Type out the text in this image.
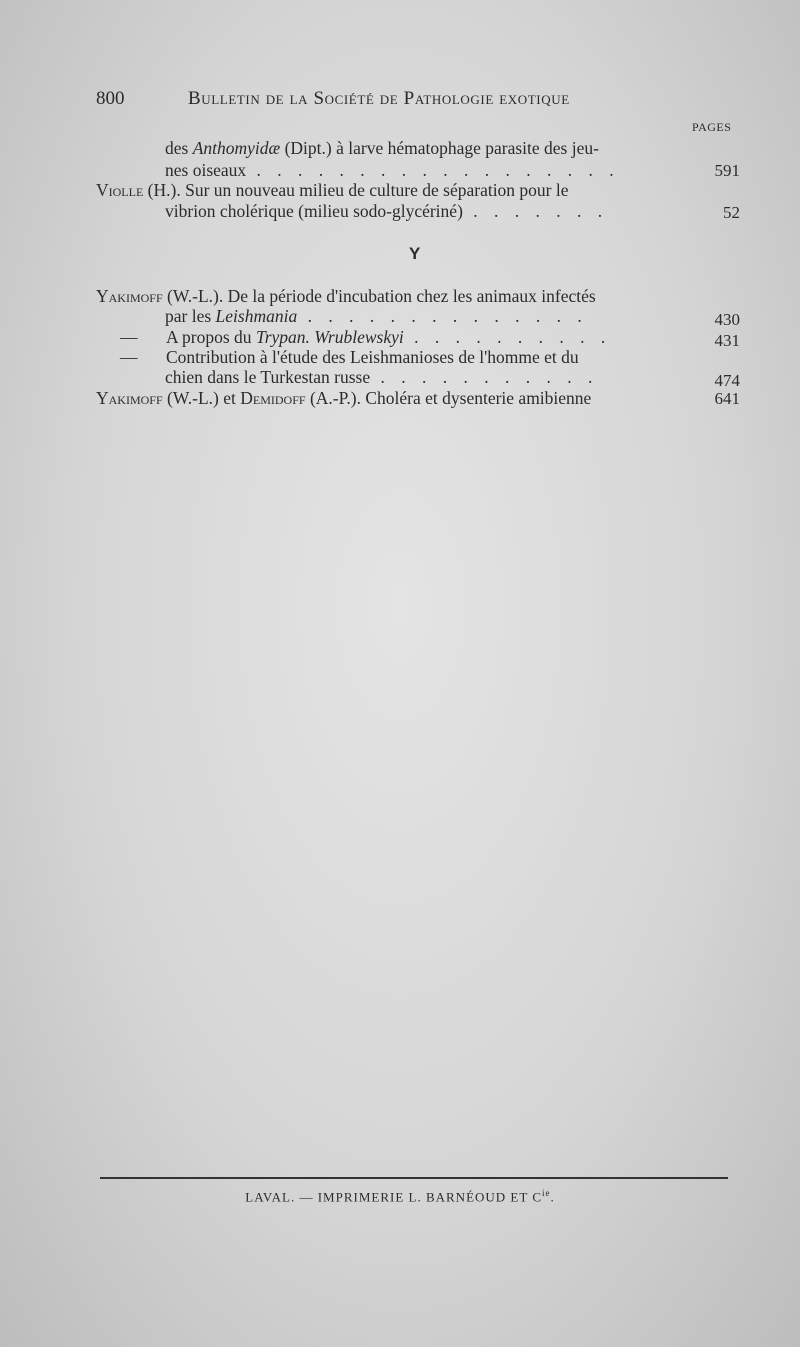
800	Bulletin de la Société de Pathologie exotique
PAGES
des Anthomyidæ (Dipt.) à larve hématophage parasite des jeu-
nes oiseaux . . . . . . . . . . . . . . . . . .	591
Violle (H.). Sur un nouveau milieu de culture de séparation pour le
vibrion cholérique (milieu sodo-glycériné) . . . . . . .	52
Y
Yakimoff (W.-L.). De la période d'incubation chez les animaux infectés
par les Leishmania . . . . . . . . . . . . . .	430
— A propos du Trypan. Wrublewskyi . . . . . . . . . .	431
— Contribution à l'étude des Leishmanioses de l'homme et du
chien dans le Turkestan russe . . . . . . . . . . .	474
Yakimoff (W.-L.) et Demidoff (A.-P.). Choléra et dysenterie amibienne	641
LAVAL. — IMPRIMERIE L. BARNÉOUD ET $C^{ie}$.
